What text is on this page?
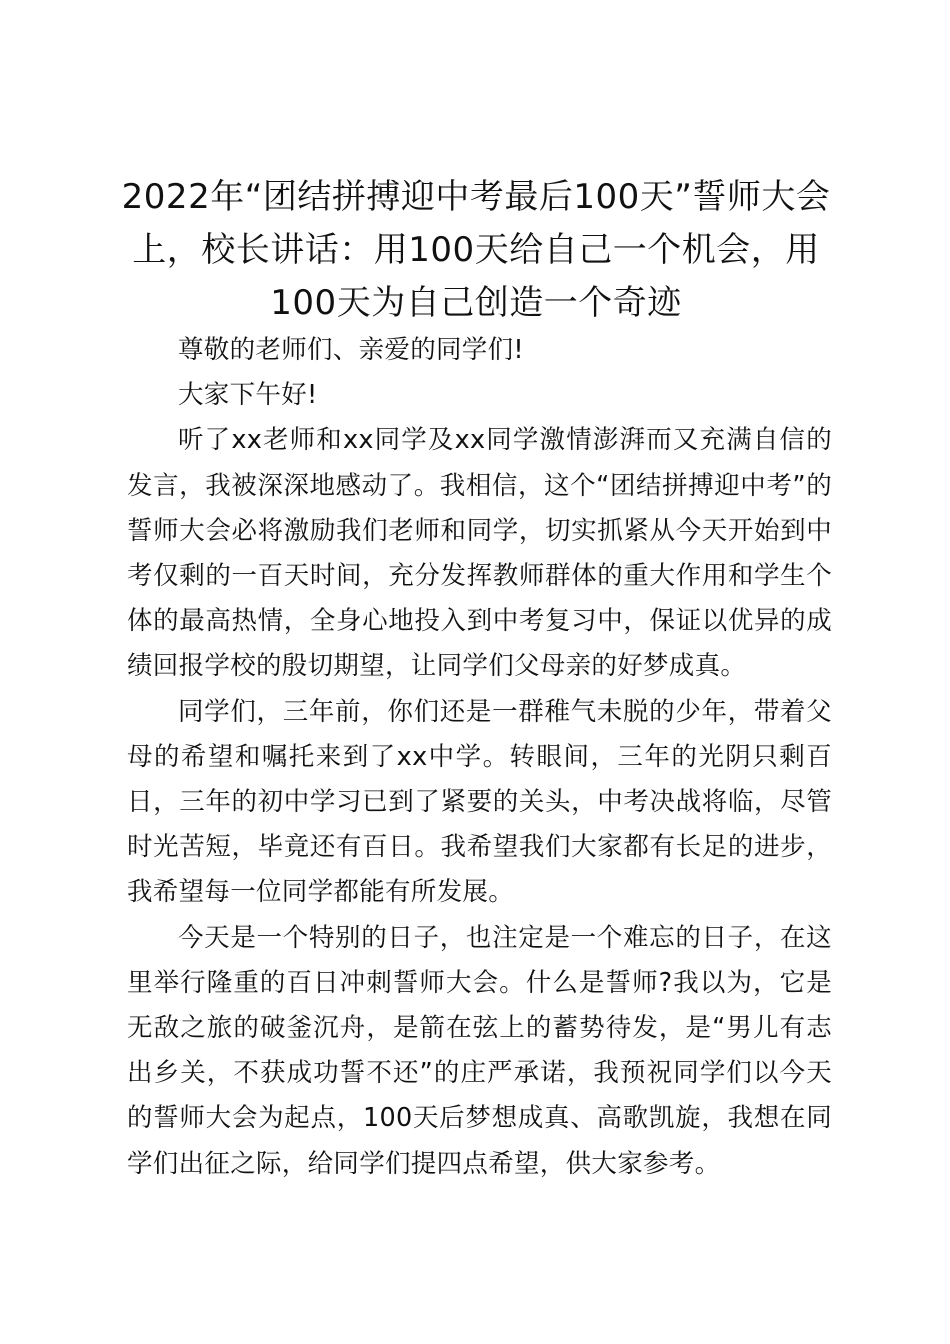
2022年“团结拼搏迎中考最后100天”誓师大会上，校长讲话：用100天给自己一个机会，用100天为自己创造一个奇迹

尊敬的老师们、亲爱的同学们!

大家下午好!

听了xx老师和xx同学及xx同学激情澎湃而又充满自信的发言，我被深深地感动了。我相信，这个“团结拼搏迎中考”的誓师大会必将激励我们老师和同学，切实抓紧从今天开始到中考仅剩的一百天时间，充分发挥教师群体的重大作用和学生个体的最高热情，全身心地投入到中考复习中，保证以优异的成绩回报学校的殷切期望，让同学们父母亲的好梦成真。

同学们，三年前，你们还是一群稚气未脱的少年，带着父母的希望和嘱托来到了xx中学。转眼间，三年的光阴只剩百日，三年的初中学习已到了紧要的关头，中考决战将临，尽管时光苦短，毕竟还有百日。我希望我们大家都有长足的进步，我希望每一位同学都能有所发展。

今天是一个特别的日子，也注定是一个难忘的日子，在这里举行隆重的百日冲刺誓师大会。什么是誓师?我以为，它是无敌之旅的破釜沉舟，是箭在弦上的蓄势待发，是“男儿有志出乡关，不获成功誓不还”的庄严承诺，我预祝同学们以今天的誓师大会为起点，100天后梦想成真、高歌凯旋，我想在同学们出征之际，给同学们提四点希望，供大家参考。
